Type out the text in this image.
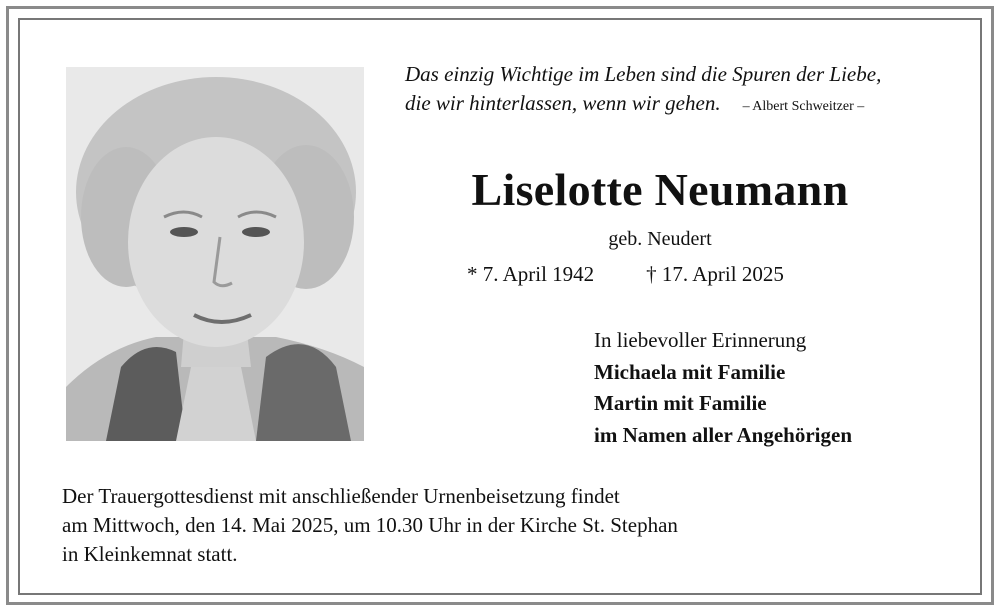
Das einzig Wichtige im Leben sind die Spuren der Liebe,
die wir hinterlassen, wenn wir gehen. – Albert Schweitzer –
Liselotte Neumann
geb. Neudert
* 7. April 1942 † 17. April 2025
In liebevoller Erinnerung
Michaela mit Familie
Martin mit Familie
im Namen aller Angehörigen
Der Trauergottesdienst mit anschließender Urnenbeisetzung findet
am Mittwoch, den 14. Mai 2025, um 10.30 Uhr in der Kirche St. Stephan
in Kleinkemnat statt.
